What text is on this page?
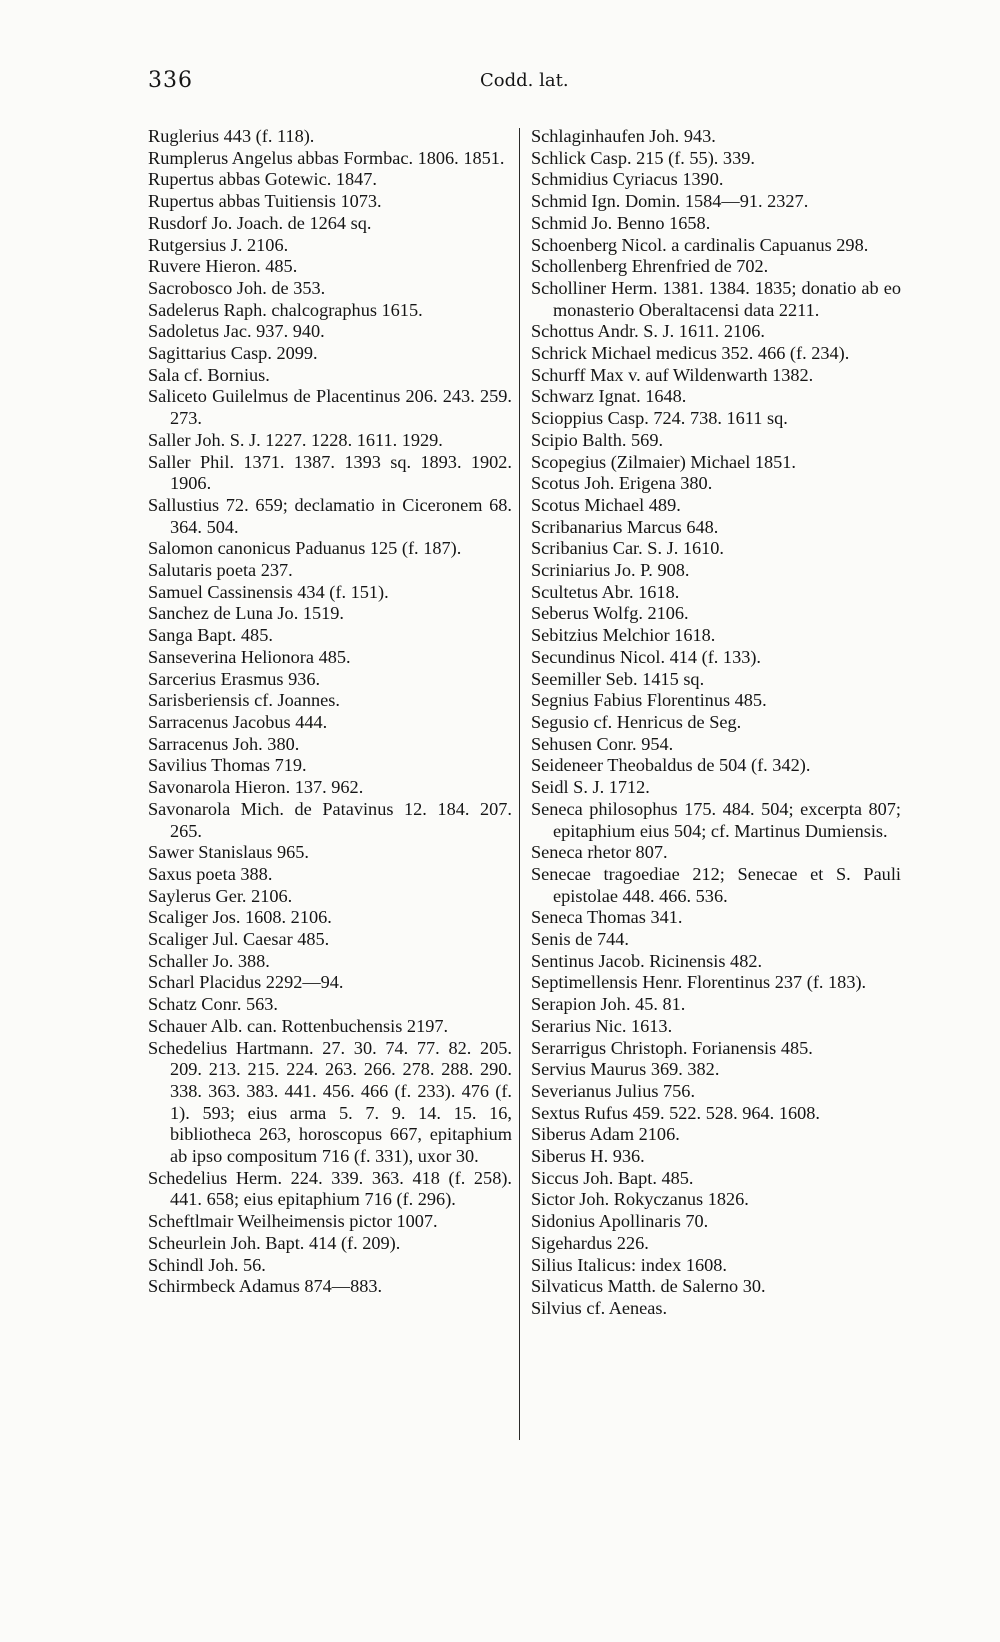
336	Codd. lat.

Ruglerius 443 (f. 118).

Rumplerus Angelus abbas Formbac. 1806. 1851.

Rupertus abbas Gotewic. 1847.

Rupertus abbas Tuitiensis 1073.

Rusdorf Jo. Joach. de 1264 sq.

Rutgersius J. 2106.

Ruvere Hieron. 485.

Sacrobosco Joh. de 353.

Sadelerus Raph. chalcographus 1615.

Sadoletus Jac. 937. 940.

Sagittarius Casp. 2099.

Sala cf. Bornius.

Saliceto Guilelmus de Placentinus 206. 243. 259. 273.

Saller Joh. S. J. 1227. 1228. 1611. 1929.

Saller Phil. 1371. 1387. 1393 sq. 1893. 1902. 1906.

Sallustius 72. 659; declamatio in Ciceronem 68. 364. 504.

Salomon canonicus Paduanus 125 (f. 187).

Salutaris poeta 237.

Samuel Cassinensis 434 (f. 151).

Sanchez de Luna Jo. 1519.

Sanga Bapt. 485.

Sanseverina Helionora 485.

Sarcerius Erasmus 936.

Sarisberiensis cf. Joannes.

Sarracenus Jacobus 444.

Sarracenus Joh. 380.

Savilius Thomas 719.

Savonarola Hieron. 137. 962.

Savonarola Mich. de Patavinus 12. 184. 207. 265.

Sawer Stanislaus 965.

Saxus poeta 388.

Saylerus Ger. 2106.

Scaliger Jos. 1608. 2106.

Scaliger Jul. Caesar 485.

Schaller Jo. 388.

Scharl Placidus 2292—94.

Schatz Conr. 563.

Schauer Alb. can. Rottenbuchensis 2197.

Schedelius Hartmann. 27. 30. 74. 77. 82. 205. 209. 213. 215. 224. 263. 266. 278. 288. 290. 338. 363. 383. 441. 456. 466 (f. 233). 476 (f. 1). 593; eius arma 5. 7. 9. 14. 15. 16, bibliotheca 263, horoscopus 667, epitaphium ab ipso compositum 716 (f. 331), uxor 30.

Schedelius Herm. 224. 339. 363. 418 (f. 258). 441. 658; eius epitaphium 716 (f. 296).

Scheftlmair Weilheimensis pictor 1007.

Scheurlein Joh. Bapt. 414 (f. 209).

Schindl Joh. 56.

Schirmbeck Adamus 874—883.

Schlaginhaufen Joh. 943.

Schlick Casp. 215 (f. 55). 339.

Schmidius Cyriacus 1390.

Schmid Ign. Domin. 1584—91. 2327.

Schmid Jo. Benno 1658.

Schoenberg Nicol. a cardinalis Capuanus 298.

Schollenberg Ehrenfried de 702.

Scholliner Herm. 1381. 1384. 1835; donatio ab eo monasterio Oberaltacensi data 2211.

Schottus Andr. S. J. 1611. 2106.

Schrick Michael medicus 352. 466 (f. 234).

Schurff Max v. auf Wildenwarth 1382.

Schwarz Ignat. 1648.

Scioppius Casp. 724. 738. 1611 sq.

Scipio Balth. 569.

Scopegius (Zilmaier) Michael 1851.

Scotus Joh. Erigena 380.

Scotus Michael 489.

Scribanarius Marcus 648.

Scribanius Car. S. J. 1610.

Scriniarius Jo. P. 908.

Scultetus Abr. 1618.

Seberus Wolfg. 2106.

Sebitzius Melchior 1618.

Secundinus Nicol. 414 (f. 133).

Seemiller Seb. 1415 sq.

Segnius Fabius Florentinus 485.

Segusio cf. Henricus de Seg.

Sehusen Conr. 954.

Seideneer Theobaldus de 504 (f. 342).

Seidl S. J. 1712.

Seneca philosophus 175. 484. 504; excerpta 807; epitaphium eius 504; cf. Martinus Dumiensis.

Seneca rhetor 807.

Senecae tragoediae 212; Senecae et S. Pauli epistolae 448. 466. 536.

Seneca Thomas 341.

Senis de 744.

Sentinus Jacob. Ricinensis 482.

Septimellensis Henr. Florentinus 237 (f. 183).

Serapion Joh. 45. 81.

Serarius Nic. 1613.

Serarrigus Christoph. Forianensis 485.

Servius Maurus 369. 382.

Severianus Julius 756.

Sextus Rufus 459. 522. 528. 964. 1608.

Siberus Adam 2106.

Siberus H. 936.

Siccus Joh. Bapt. 485.

Sictor Joh. Rokyczanus 1826.

Sidonius Apollinaris 70.

Sigehardus 226.

Silius Italicus: index 1608.

Silvaticus Matth. de Salerno 30.

Silvius cf. Aeneas.
